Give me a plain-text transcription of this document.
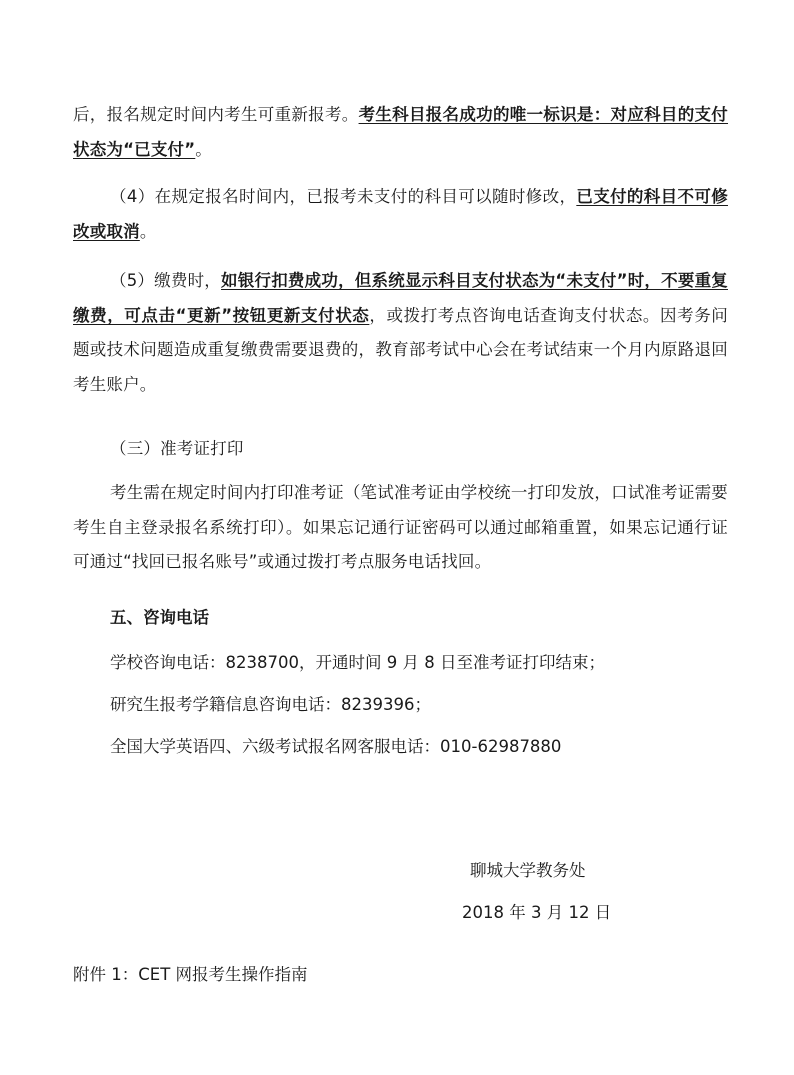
后，报名规定时间内考生可重新报考。考生科目报名成功的唯一标识是：对应科目的支付状态为“已支付”。

（4）在规定报名时间内，已报考未支付的科目可以随时修改，已支付的科目不可修改或取消。

（5）缴费时，如银行扣费成功，但系统显示科目支付状态为“未支付”时，不要重复缴费，可点击“更新”按钮更新支付状态，或拨打考点咨询电话查询支付状态。因考务问题或技术问题造成重复缴费需要退费的，教育部考试中心会在考试结束一个月内原路退回考生账户。

（三）准考证打印

考生需在规定时间内打印准考证（笔试准考证由学校统一打印发放，口试准考证需要考生自主登录报名系统打印）。如果忘记通行证密码可以通过邮箱重置，如果忘记通行证可通过“找回已报名账号”或通过拨打考点服务电话找回。

五、咨询电话

学校咨询电话：8238700，开通时间 9 月 8 日至准考证打印结束；

研究生报考学籍信息咨询电话：8239396；

全国大学英语四、六级考试报名网客服电话：010-62987880

聊城大学教务处

2018 年 3 月 12 日

附件 1：CET 网报考生操作指南
